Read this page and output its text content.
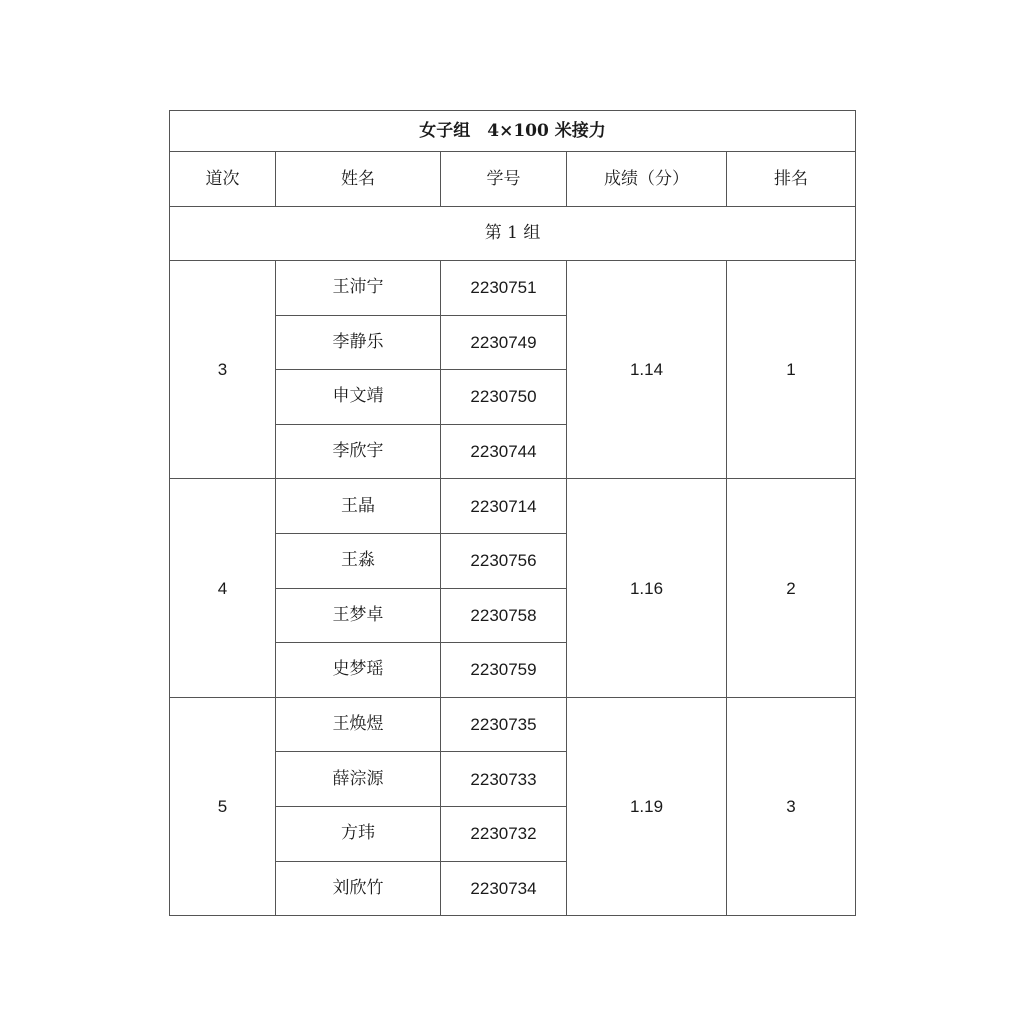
女子组　4×100 米接力				
道次	姓名	学号	成绩（分）	排名
第 1 组				
3	王沛宁	2230751	1.14	1
	李静乐	2230749		
	申文靖	2230750		
	李欣宇	2230744		
4	王晶	2230714	1.16	2
	王淼	2230756		
	王梦卓	2230758		
	史梦瑶	2230759		
5	王焕煜	2230735	1.19	3
	薛淙源	2230733		
	方玮	2230732		
	刘欣竹	2230734		
